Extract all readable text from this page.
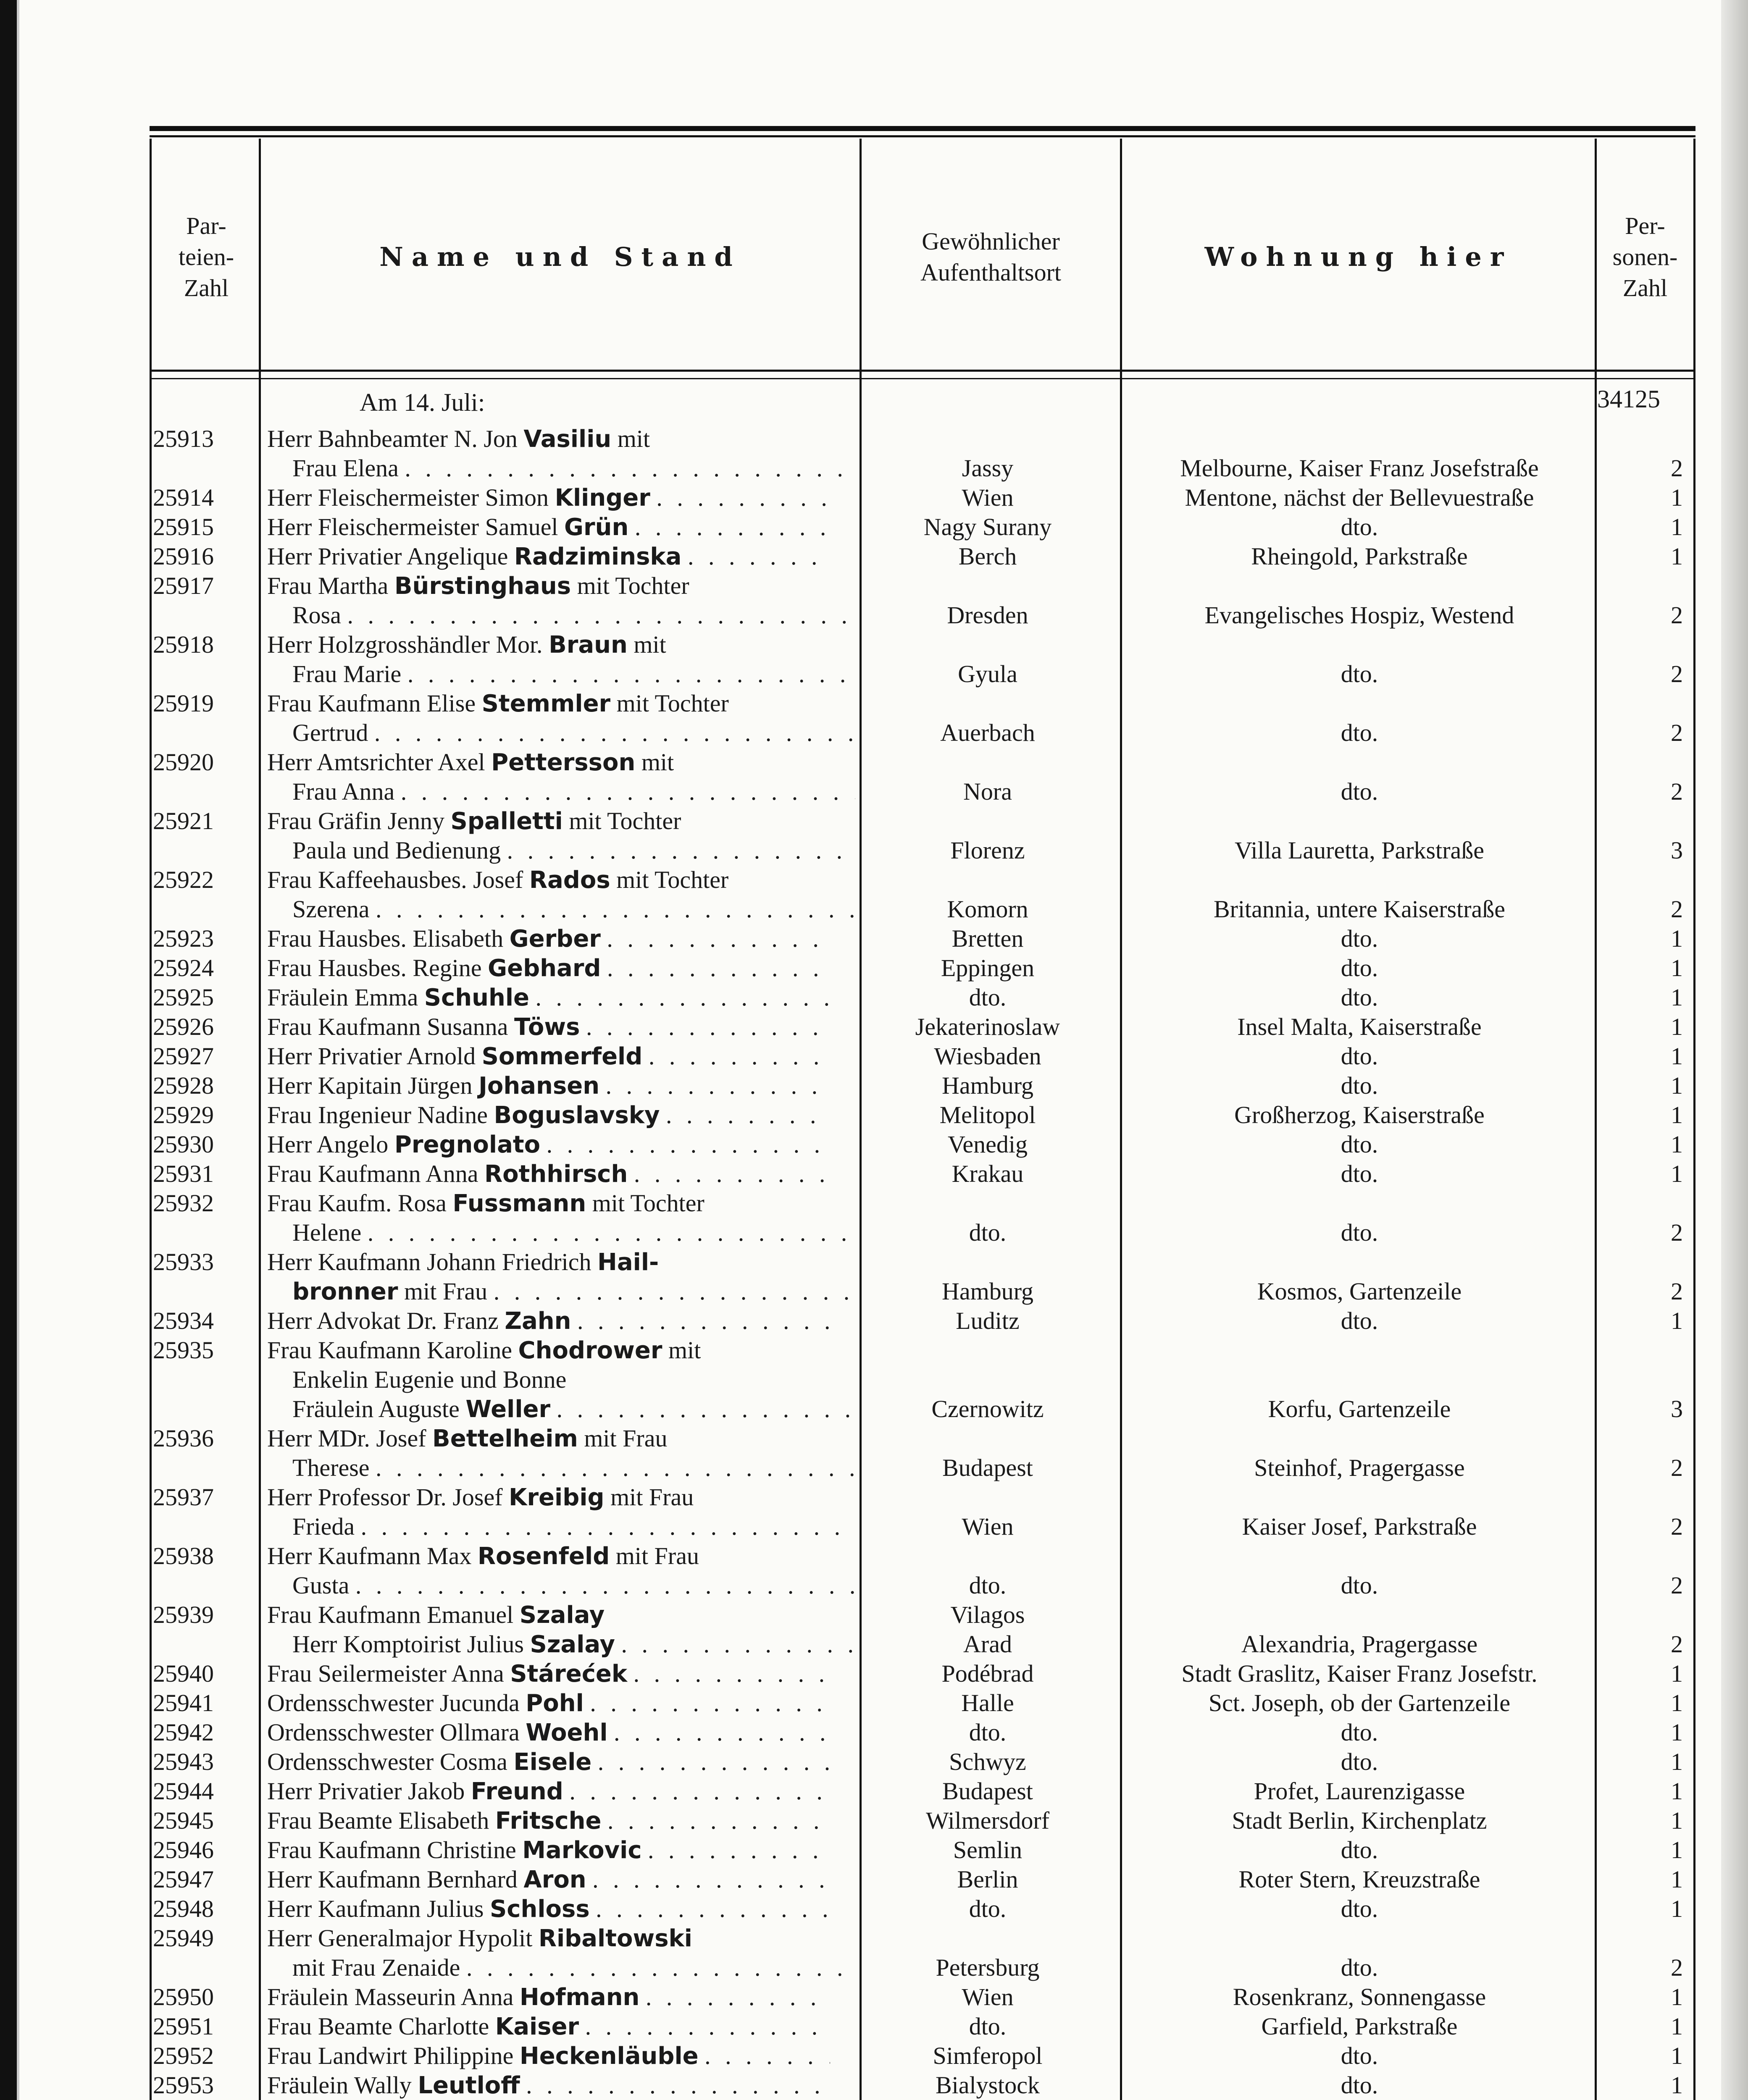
Par-
teien-
Zahl
Name und Stand
Gewöhnlicher
Aufenthaltsort
Wohnung hier
Per-
sonen-
Zahl
Am 14. Juli:	34125
25913	Herr Bahnbeamter N. Jon Vasiliu mit
Frau Elena . . .	Jassy	Melbourne, Kaiser Franz Josefstraße	2
25914	Herr Fleischermeister Simon Klinger . . .	Wien	Mentone, nächst der Bellevuestraße	1
25915	Herr Fleischermeister Samuel Grün . . .	Nagy Surany	dto.	1
25916	Herr Privatier Angelique Radziminska . . .	Berch	Rheingold, Parkstraße	1
25917	Frau Martha Bürstinghaus mit Tochter
Rosa . . .	Dresden	Evangelisches Hospiz, Westend	2
25918	Herr Holzgrosshändler Mor. Braun mit
Frau Marie . . .	Gyula	dto.	2
25919	Frau Kaufmann Elise Stemmler mit Tochter
Gertrud . . .	Auerbach	dto.	2
25920	Herr Amtsrichter Axel Pettersson mit
Frau Anna . . .	Nora	dto.	2
25921	Frau Gräfin Jenny Spalletti mit Tochter
Paula und Bedienung . . .	Florenz	Villa Lauretta, Parkstraße	3
25922	Frau Kaffeehausbes. Josef Rados mit Tochter
Szerena . . .	Komorn	Britannia, untere Kaiserstraße	2
25923	Frau Hausbes. Elisabeth Gerber . . .	Bretten	dto.	1
25924	Frau Hausbes. Regine Gebhard . . .	Eppingen	dto.	1
25925	Fräulein Emma Schuhle . . .	dto.	dto.	1
25926	Frau Kaufmann Susanna Töws . . .	Jekaterinoslaw	Insel Malta, Kaiserstraße	1
25927	Herr Privatier Arnold Sommerfeld . . .	Wiesbaden	dto.	1
25928	Herr Kapitain Jürgen Johansen . . .	Hamburg	dto.	1
25929	Frau Ingenieur Nadine Boguslavsky . . .	Melitopol	Großherzog, Kaiserstraße	1
25930	Herr Angelo Pregnolato . . .	Venedig	dto.	1
25931	Frau Kaufmann Anna Rothhirsch . . .	Krakau	dto.	1
25932	Frau Kaufm. Rosa Fussmann mit Tochter
Helene . . .	dto.	dto.	2
25933	Herr Kaufmann Johann Friedrich Hail-
bronner mit Frau . . .	Hamburg	Kosmos, Gartenzeile	2
25934	Herr Advokat Dr. Franz Zahn . . .	Luditz	dto.	1
25935	Frau Kaufmann Karoline Chodrower mit
Enkelin Eugenie und Bonne
Fräulein Auguste Weller . . .	Czernowitz	Korfu, Gartenzeile	3
25936	Herr MDr. Josef Bettelheim mit Frau
Therese . . .	Budapest	Steinhof, Pragergasse	2
25937	Herr Professor Dr. Josef Kreibig mit Frau
Frieda . . .	Wien	Kaiser Josef, Parkstraße	2
25938	Herr Kaufmann Max Rosenfeld mit Frau
Gusta . . .	dto.	dto.	2
25939	Frau Kaufmann Emanuel Szalay	Vilagos
Herr Komptoirist Julius Szalay . . .	Arad	Alexandria, Pragergasse	2
25940	Frau Seilermeister Anna Stárećek . . .	Podébrad	Stadt Graslitz, Kaiser Franz Josefstr.	1
25941	Ordensschwester Jucunda Pohl . . .	Halle	Sct. Joseph, ob der Gartenzeile	1
25942	Ordensschwester Ollmara Woehl . . .	dto.	dto.	1
25943	Ordensschwester Cosma Eisele . . .	Schwyz	dto.	1
25944	Herr Privatier Jakob Freund . . .	Budapest	Profet, Laurenzigasse	1
25945	Frau Beamte Elisabeth Fritsche . . .	Wilmersdorf	Stadt Berlin, Kirchenplatz	1
25946	Frau Kaufmann Christine Markovic . . .	Semlin	dto.	1
25947	Herr Kaufmann Bernhard Aron . . .	Berlin	Roter Stern, Kreuzstraße	1
25948	Herr Kaufmann Julius Schloss . . .	dto.	dto.	1
25949	Herr Generalmajor Hypolit Ribaltowski
mit Frau Zenaide . . .	Petersburg	dto.	2
25950	Fräulein Masseurin Anna Hofmann . . .	Wien	Rosenkranz, Sonnengasse	1
25951	Frau Beamte Charlotte Kaiser . . .	dto.	Garfield, Parkstraße	1
25952	Frau Landwirt Philippine Heckenläuble . . .	Simferopol	dto.	1
25953	Fräulein Wally Leutloff . . .	Bialystock	dto.	1
